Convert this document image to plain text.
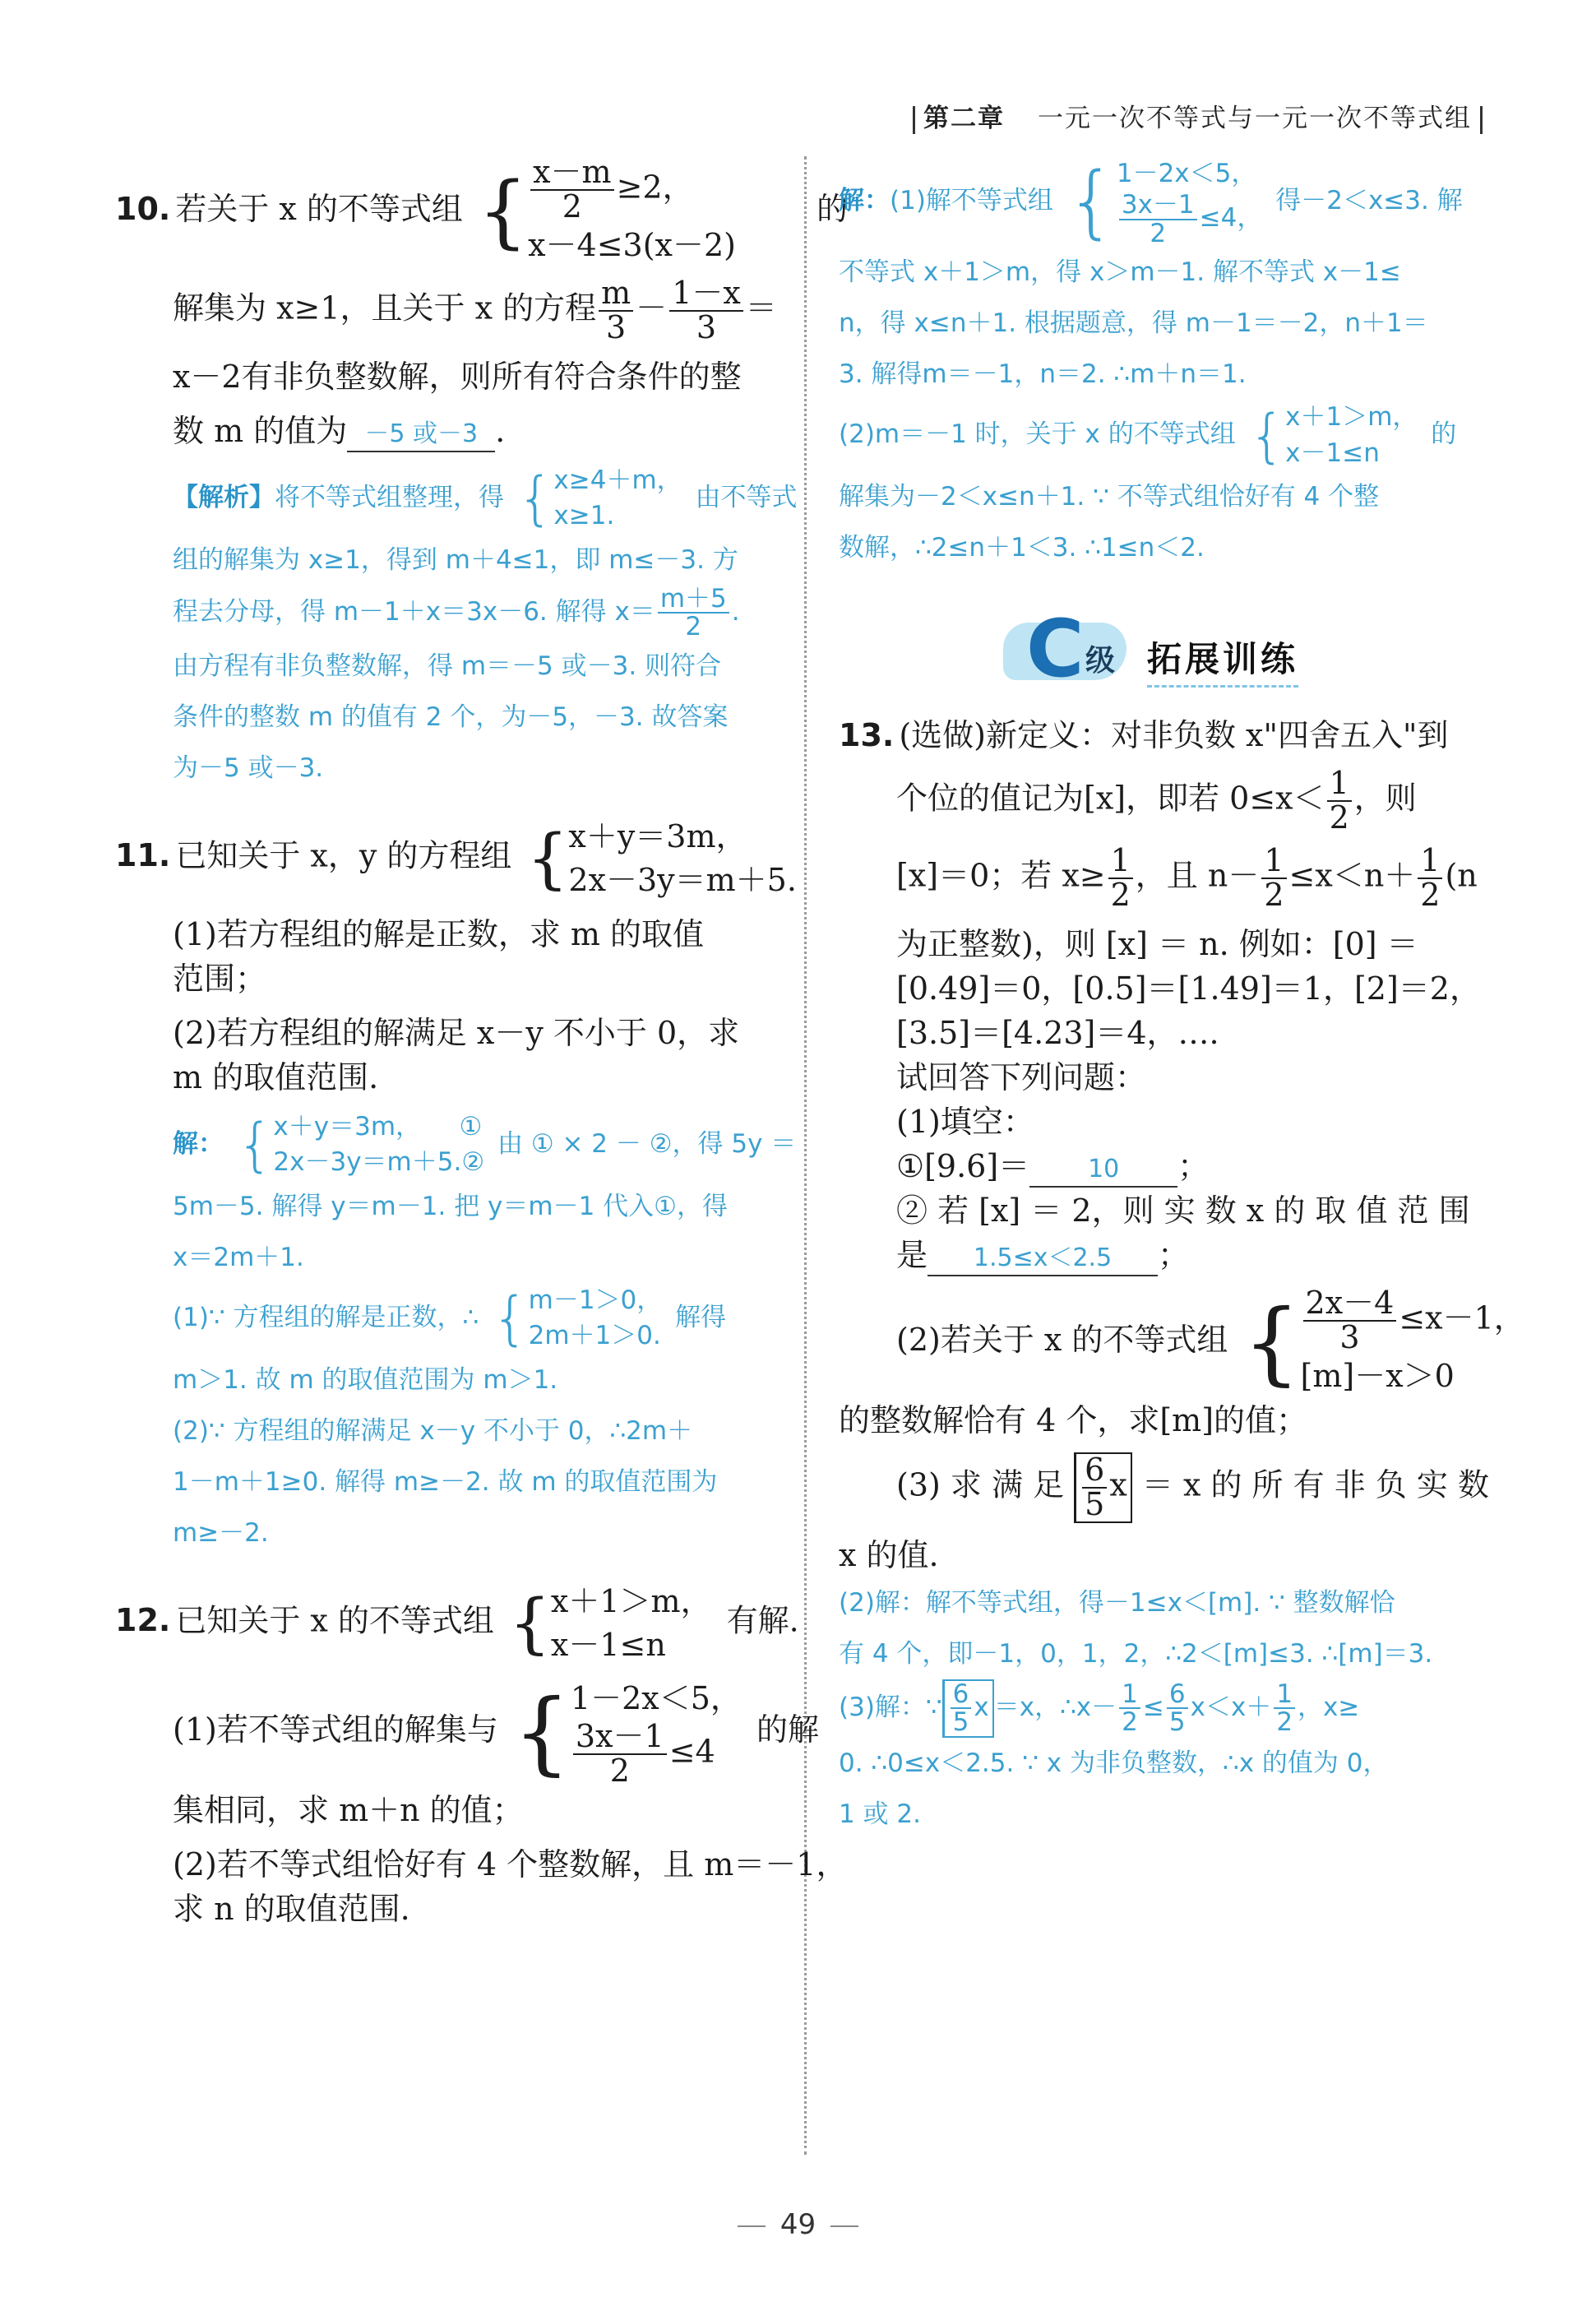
第二章 一元一次不等式与一元一次不等式组

10. 若关于 x 的不等式组 { $\frac{x-m}{2} \ge 2$，
x－4≤3(x－2)
的

解集为 x≥1，且关于 x 的方程 $\frac{m}{3} - \frac{1-x}{3}$ ＝

x－2有非负整数解，则所有符合条件的整

数 m 的值为 －5 或－3 .

【解析】将不等式组整理，得 { x≥4＋m，
x≥1.
由不等式

组的解集为 x≥1，得到 m＋4≤1，即 m≤－3. 方

程去分母，得 m－1＋x＝3x－6. 解得 $x= \frac{m+5}{2}$ .

由方程有非负整数解，得 m＝－5 或－3. 则符合

条件的整数 m 的值有 2 个，为－5，－3. 故答案

为－5 或－3.

11. 已知关于 x，y 的方程组 { x＋y＝3m，
2x－3y＝m＋5.

(1)若方程组的解是正数，求 m 的取值

范围；

(2)若方程组的解满足 x－y 不小于 0，求

m 的取值范围.

解： { x＋y＝3m，　　①
2x－3y＝m＋5.②
由 ① × 2 － ②，得 5y ＝

5m－5. 解得 y＝m－1. 把 y＝m－1 代入①，得

x＝2m＋1.

(1)∵ 方程组的解是正数，∴ { m－1＞0，
2m＋1＞0.
解得

m＞1. 故 m 的取值范围为 m＞1.

(2)∵ 方程组的解满足 x－y 不小于 0，∴2m＋

1－m＋1≥0. 解得 m≥－2. 故 m 的取值范围为

m≥－2.

12. 已知关于 x 的不等式组 { x＋1＞m，
x－1≤n
有解.

(1)若不等式组的解集与 { 1－2x＜5，
$\frac{3x-1}{2} \le 4$
的解

集相同，求 m＋n 的值；

(2)若不等式组恰好有 4 个整数解，且 m＝－1，

求 n 的取值范围.

解：(1)解不等式组 { 1－2x＜5，
$\frac{3x-1}{2} \le 4$，
得－2＜x≤3. 解

不等式 x＋1＞m，得 x＞m－1. 解不等式 x－1≤

n，得 x≤n＋1. 根据题意，得 m－1＝－2，n＋1＝

3. 解得m＝－1，n＝2. ∴m＋n＝1.

(2)m＝－1 时，关于 x 的不等式组 { x＋1＞m，
x－1≤n
的

解集为－2＜x≤n＋1. ∵ 不等式组恰好有 4 个整

数解，∴2≤n＋1＜3. ∴1≤n＜2.

C 级 拓展训练

13. (选做)新定义：对非负数 x"四舍五入"到

个位的值记为[x]，即若 $0\le x< \frac{1}{2}$ ，则

[x]＝0；若 $x\ge \frac{1}{2}$ ，且 $n- \frac{1}{2} \le x<n+ \frac{1}{2} (n$

为正整数)，则 [x] ＝ n. 例如：[0] ＝

[0.49]＝0，[0.5]＝[1.49]＝1，[2]＝2，

[3.5]＝[4.23]＝4，….

试回答下列问题：

(1)填空：

①[9.6]＝ 10 ；

② 若 [x] ＝ 2，则 实 数 x 的 取 值 范 围

是 1.5≤x＜2.5 ；

(2)若关于 x 的不等式组 { $\frac{2x-4}{3} \le x-1$，
[m]－x＞0

的整数解恰有 4 个，求[m]的值；

(3) 求 满 足 $\frac{6}{5}$ x ＝ x 的 所 有 非 负 实 数

x 的值.

(2)解：解不等式组，得－1≤x＜[m]. ∵ 整数解恰

有 4 个，即－1，0，1，2，∴2＜[m]≤3. ∴[m]＝3.

(3)解：∵ $\frac{6}{5}$ x ＝x，∴x－ $\frac{1}{2} \le \frac{6}{5} x<x+ \frac{1}{2}$ ，x≥

0. ∴0≤x＜2.5. ∵ x 为非负整数，∴x 的值为 0，

1 或 2.

49
